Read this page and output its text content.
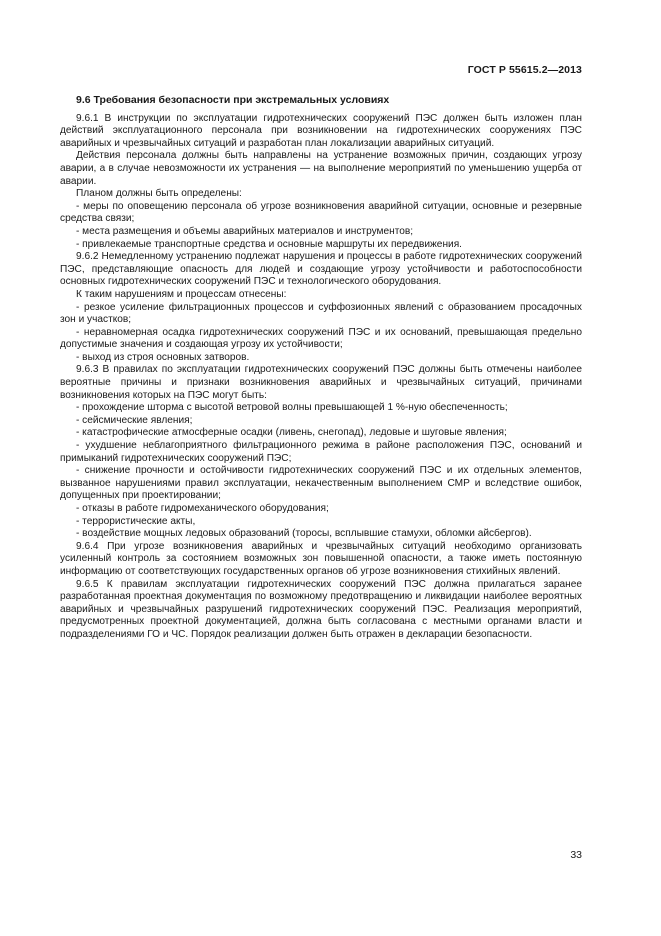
ГОСТ Р 55615.2—2013

9.6 Требования безопасности при экстремальных условиях

9.6.1 В инструкции по эксплуатации гидротехнических сооружений ПЭС должен быть изложен план действий эксплуатационного персонала при возникновении на гидротехнических сооружениях ПЭС аварийных и чрезвычайных ситуаций и разработан план локализации аварийных ситуаций.

Действия персонала должны быть направлены на устранение возможных причин, создающих угрозу аварии, а в случае невозможности их устранения — на выполнение мероприятий по уменьшению ущерба от аварии.

Планом должны быть определены:

- меры по оповещению персонала об угрозе возникновения аварийной ситуации, основные и резервные средства связи;

- места размещения и объемы аварийных материалов и инструментов;

- привлекаемые транспортные средства и основные маршруты их передвижения.

9.6.2 Немедленному устранению подлежат нарушения и процессы в работе гидротехнических сооружений ПЭС, представляющие опасность для людей и создающие угрозу устойчивости и работоспособности основных гидротехнических сооружений ПЭС и технологического оборудования.

К таким нарушениям и процессам отнесены:

- резкое усиление фильтрационных процессов и суффозионных явлений с образованием просадочных зон и участков;

- неравномерная осадка гидротехнических сооружений ПЭС и их оснований, превышающая предельно допустимые значения и создающая угрозу их устойчивости;

- выход из строя основных затворов.

9.6.3 В правилах по эксплуатации гидротехнических сооружений ПЭС должны быть отмечены наиболее вероятные причины и признаки возникновения аварийных и чрезвычайных ситуаций, причинами возникновения которых на ПЭС могут быть:

- прохождение шторма с высотой ветровой волны превышающей 1 %-ную обеспеченность;

- сейсмические явления;

- катастрофические атмосферные осадки (ливень, снегопад), ледовые и шуговые явления;

- ухудшение неблагоприятного фильтрационного режима в районе расположения ПЭС, оснований и примыканий гидротехнических сооружений ПЭС;

- снижение прочности и остойчивости гидротехнических сооружений ПЭС и их отдельных элементов, вызванное нарушениями правил эксплуатации, некачественным выполнением СМР и вследствие ошибок, допущенных при проектировании;

- отказы в работе гидромеханического оборудования;

- террористические акты,

- воздействие мощных ледовых образований (торосы, всплывшие стамухи, обломки айсбергов).

9.6.4 При угрозе возникновения аварийных и чрезвычайных ситуаций необходимо организовать усиленный контроль за состоянием возможных зон повышенной опасности, а также иметь постоянную информацию от соответствующих государственных органов об угрозе возникновения стихийных явлений.

9.6.5 К правилам эксплуатации гидротехнических сооружений ПЭС должна прилагаться заранее разработанная проектная документация по возможному предотвращению и ликвидации наиболее вероятных аварийных и чрезвычайных разрушений гидротехнических сооружений ПЭС. Реализация мероприятий, предусмотренных проектной документацией, должна быть согласована с местными органами власти и подразделениями ГО и ЧС. Порядок реализации должен быть отражен в декларации безопасности.

33
